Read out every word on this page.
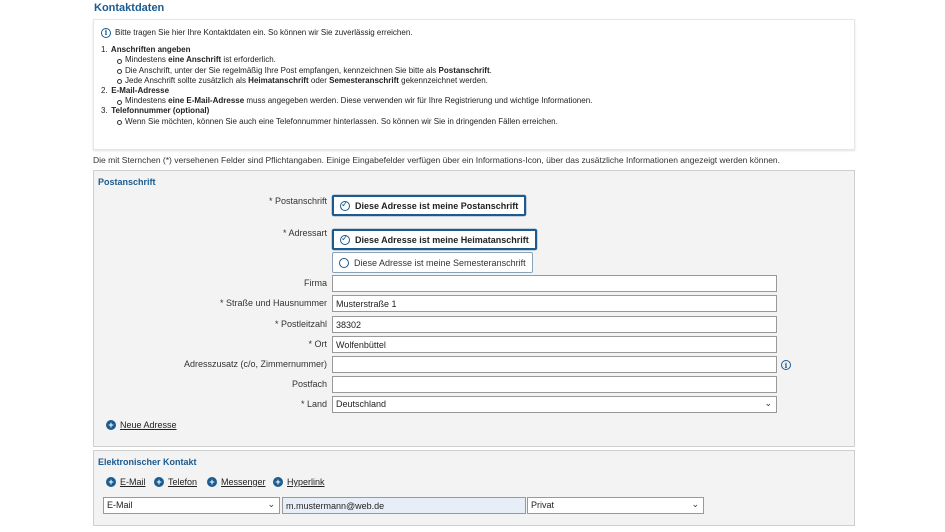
Kontaktdaten
i Bitte tragen Sie hier Ihre Kontaktdaten ein. So können wir Sie zuverlässig erreichen.
1. Anschriften angeben
Mindestens eine Anschrift ist erforderlich.
Die Anschrift, unter der Sie regelmäßig Ihre Post empfangen, kennzeichnen Sie bitte als Postanschrift.
Jede Anschrift sollte zusätzlich als Heimatanschrift oder Semesteranschrift gekennzeichnet werden.
2. E-Mail-Adresse
Mindestens eine E-Mail-Adresse muss angegeben werden. Diese verwenden wir für Ihre Registrierung und wichtige Informationen.
3. Telefonnummer (optional)
Wenn Sie möchten, können Sie auch eine Telefonnummer hinterlassen. So können wir Sie in dringenden Fällen erreichen.
Die mit Sternchen (*) versehenen Felder sind Pflichtangaben. Einige Eingabefelder verfügen über ein Informations-Icon, über das zusätzliche Informationen angezeigt werden können.
Postanschrift
* Postanschrift
✓	Diese Adresse ist meine Postanschrift
* Adressart
✓
Diese Adresse ist meine Heimatanschrift
Diese Adresse ist meine Semesteranschrift
Firma
* Straße und Hausnummer
Musterstraße 1
* Postleitzahl
38302
* Ort
Wolfenbüttel
Adresszusatz (c/o, Zimmernummer)	i
Postfach
* Land	Deutschland	⌄
+ Neue Adresse
Elektronischer Kontakt
+ E-Mail + Telefon + Messenger + Hyperlink
E-Mail	⌄
m.mustermann@web.de	Privat	⌄
